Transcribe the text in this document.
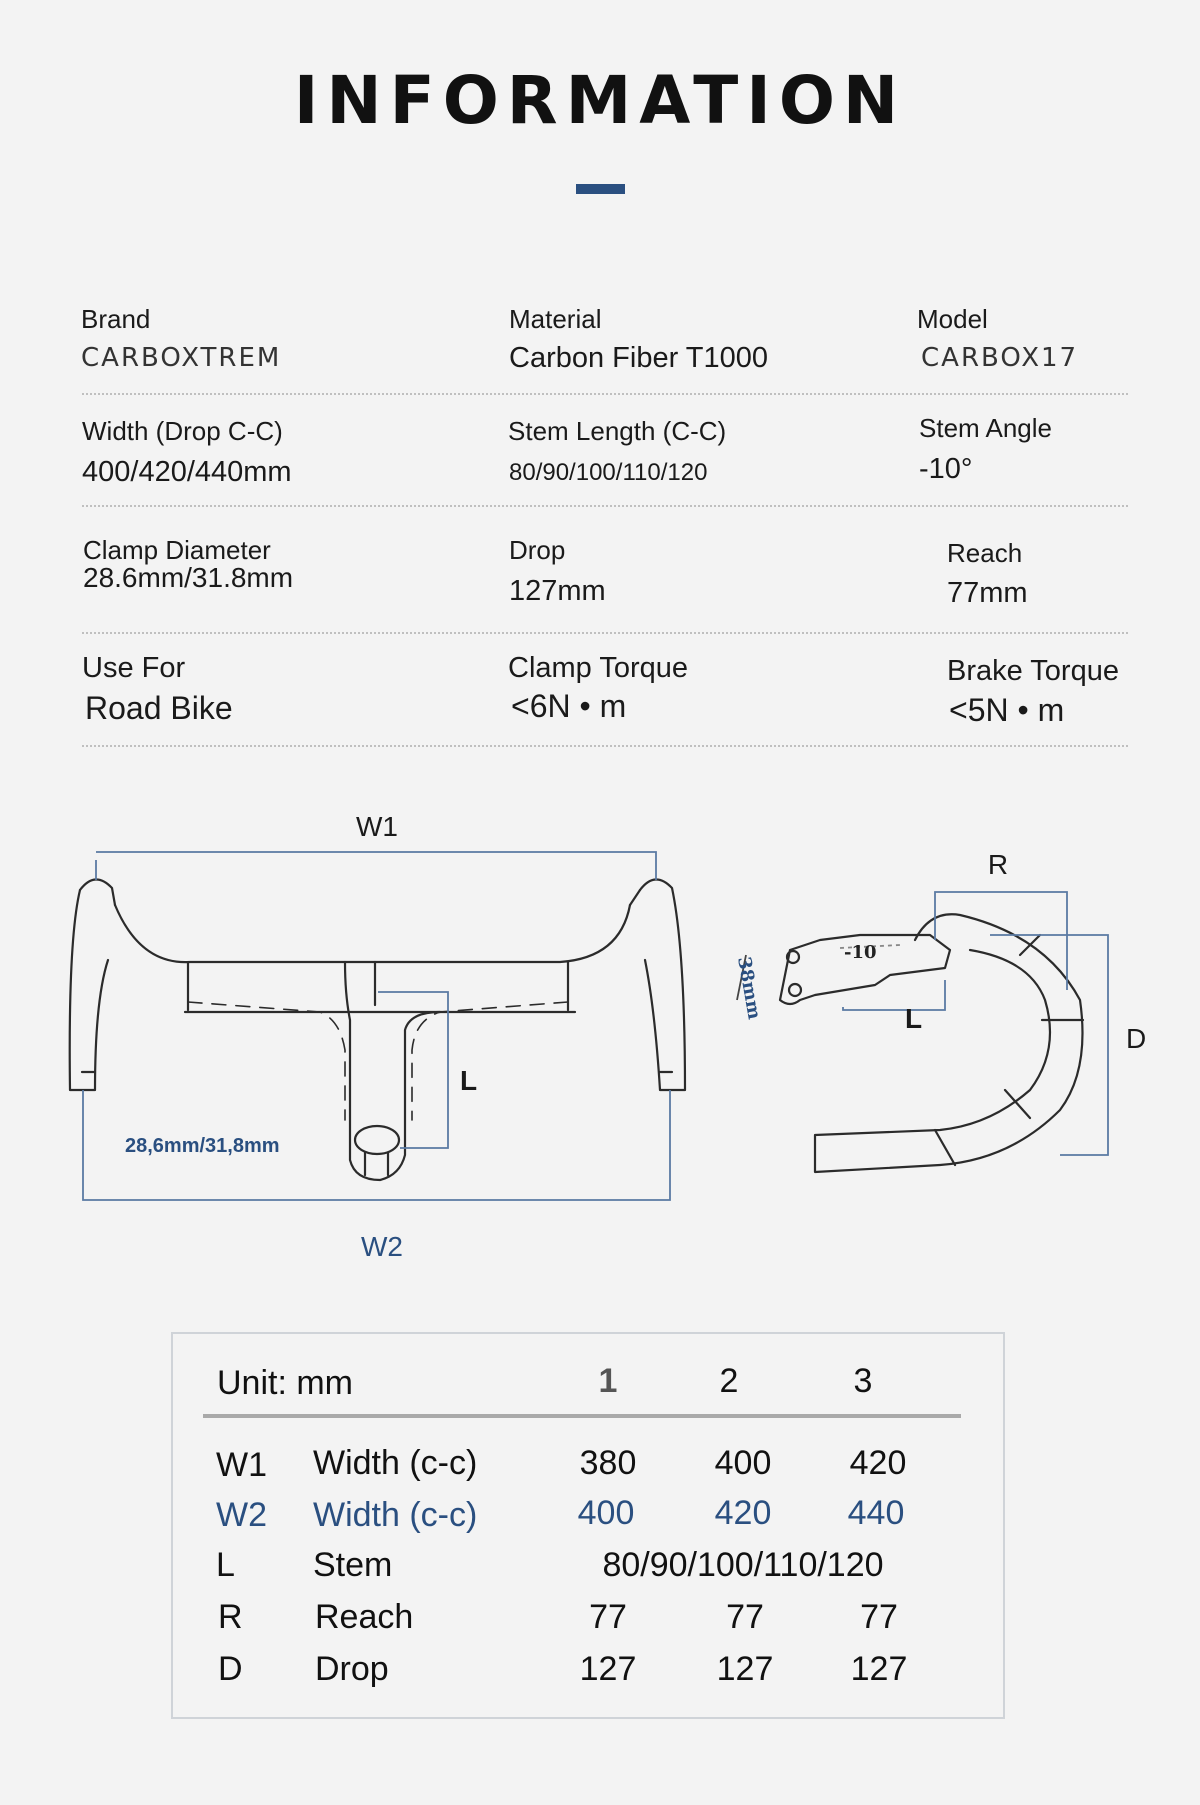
INFORMATION
Brand
CARBOXTREM
Material
Carbon Fiber T1000
Model
CARBOX17
Width (Drop C-C)
400/420/440mm
Stem Length (C-C)
80/90/100/110/120
Stem Angle
-10°
Clamp Diameter
28.6mm/31.8mm
Drop
127mm
Reach
77mm
Use For
Road Bike
Clamp Torque
<6N • m
Brake Torque
<5N • m
W1
W2
L
28,6mm/31,8mm
R
D
L
-10
38mm
Unit: mm	1	2	3
W1 Width (c-c)	380	400	420
W2 Width (c-c)	400	420	440
L Stem	80/90/100/110/120
R Reach	77	77	77
D Drop	127	127	127
